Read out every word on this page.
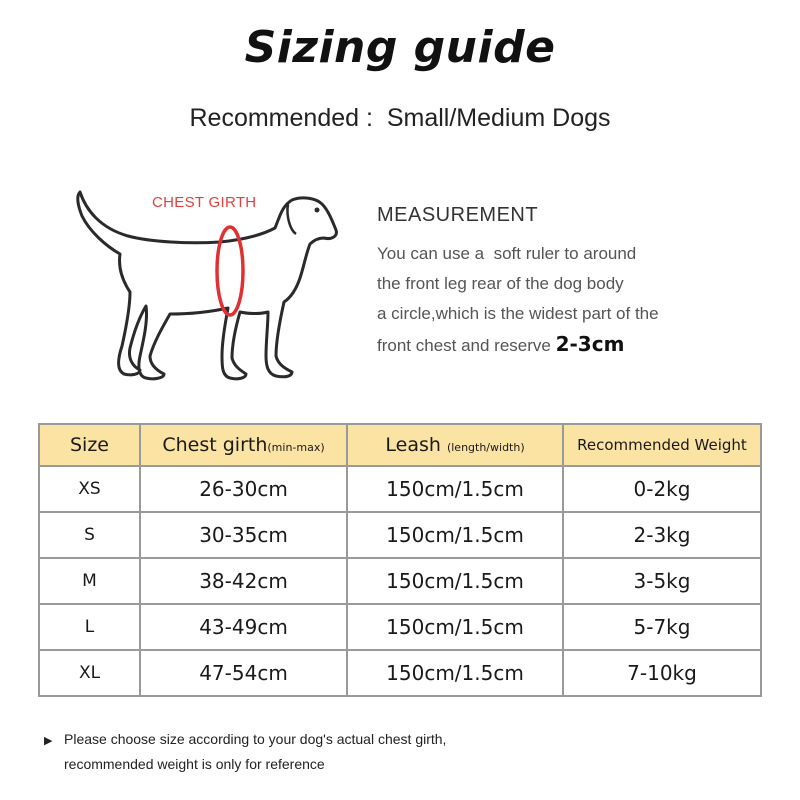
Sizing guide
Recommended :  Small/Medium Dogs
CHEST GIRTH
MEASUREMENT
You can use a  soft ruler to around
the front leg rear of the dog body
a circle,which is the widest part of the
front chest and reserve 2-3cm
Size	Chest girth(min-max)	Leash (length/width)	Recommended Weight
XS	26-30cm	150cm/1.5cm	0-2kg
S	30-35cm	150cm/1.5cm	2-3kg
M	38-42cm	150cm/1.5cm	3-5kg
L	43-49cm	150cm/1.5cm	5-7kg
XL	47-54cm	150cm/1.5cm	7-10kg
▶ Please choose size according to your dog's actual chest girth,
recommended weight is only for reference
